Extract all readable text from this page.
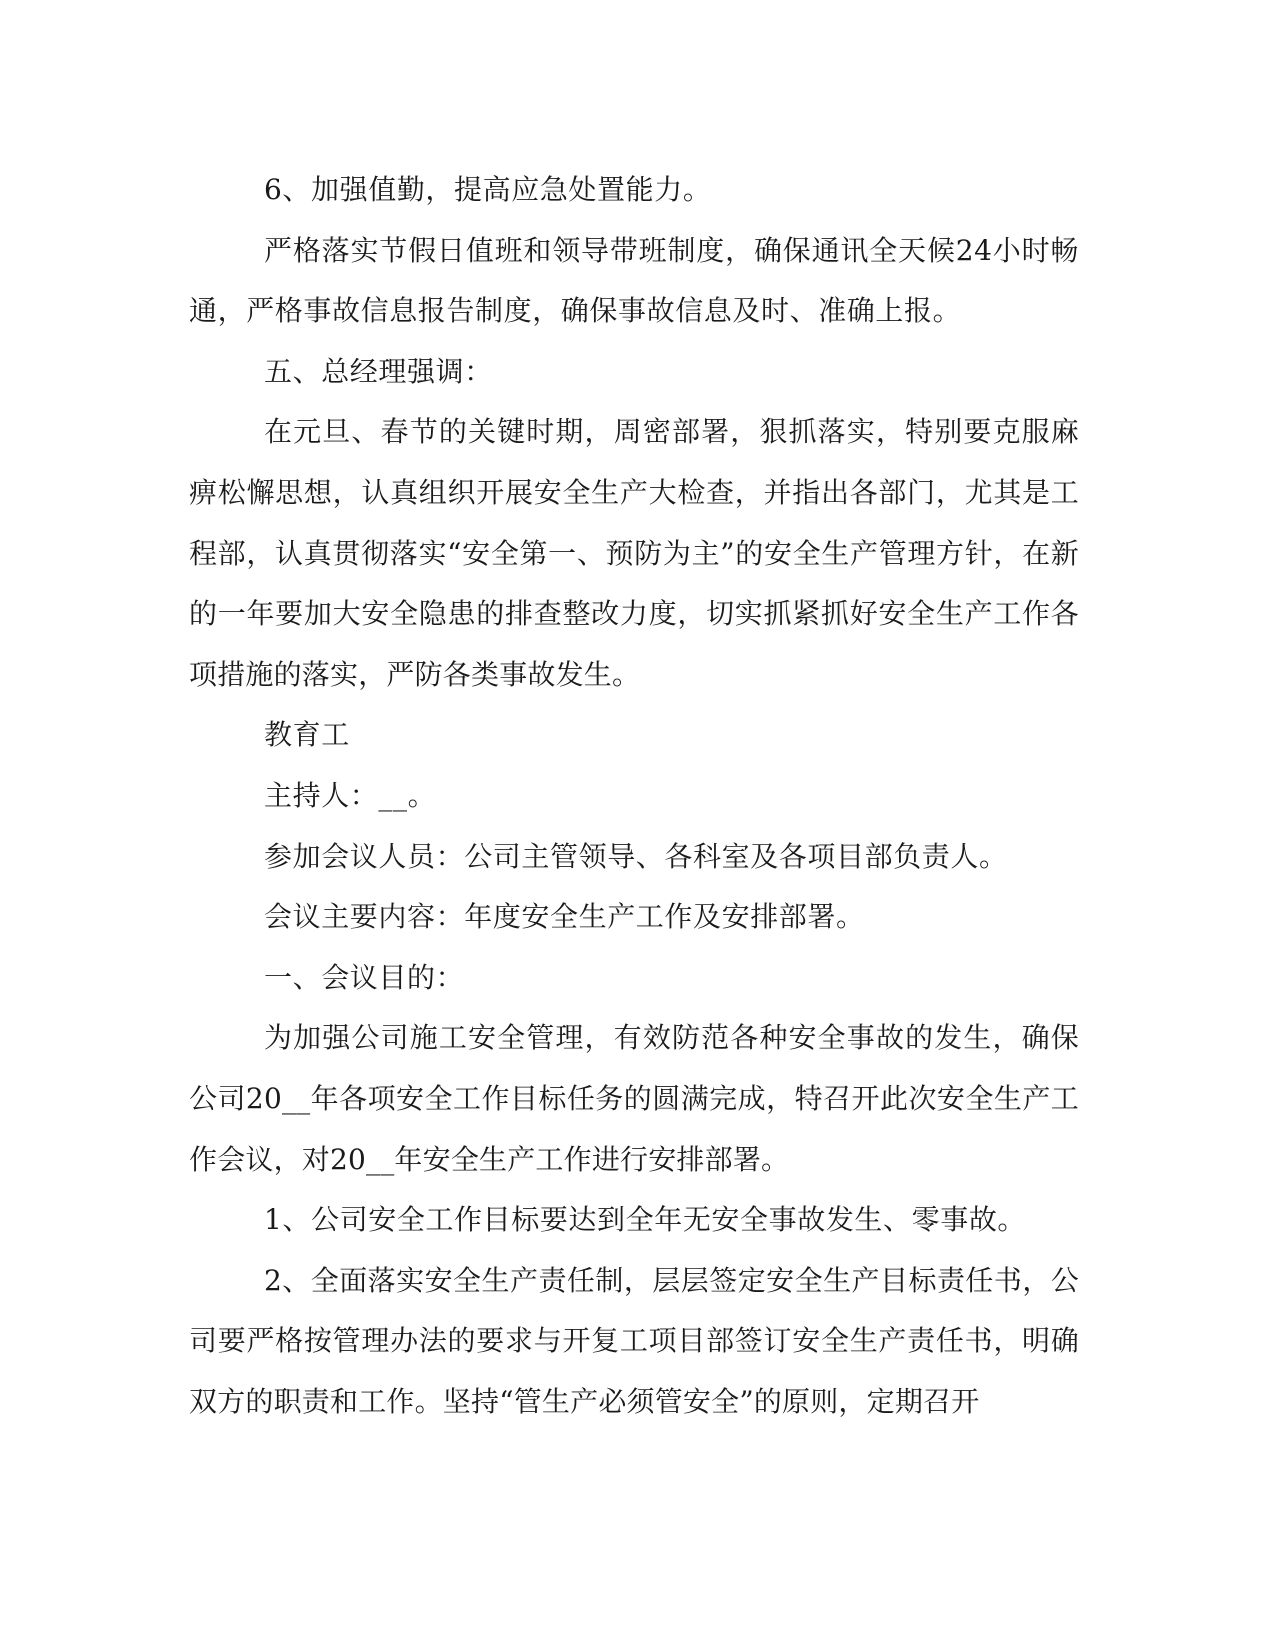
6、加强值勤，提高应急处置能力。

严格落实节假日值班和领导带班制度，确保通讯全天候24小时畅通，严格事故信息报告制度，确保事故信息及时、准确上报。

五、总经理强调：

在元旦、春节的关键时期，周密部署，狠抓落实，特别要克服麻痹松懈思想，认真组织开展安全生产大检查，并指出各部门，尤其是工程部，认真贯彻落实“安全第一、预防为主”的安全生产管理方针，在新的一年要加大安全隐患的排查整改力度，切实抓紧抓好安全生产工作各项措施的落实，严防各类事故发生。

教育工

主持人：__。

参加会议人员：公司主管领导、各科室及各项目部负责人。

会议主要内容：年度安全生产工作及安排部署。

一、会议目的：

为加强公司施工安全管理，有效防范各种安全事故的发生，确保公司20__年各项安全工作目标任务的圆满完成，特召开此次安全生产工作会议，对20__年安全生产工作进行安排部署。

1、公司安全工作目标要达到全年无安全事故发生、零事故。

2、全面落实安全生产责任制，层层签定安全生产目标责任书，公司要严格按管理办法的要求与开复工项目部签订安全生产责任书，明确双方的职责和工作。坚持“管生产必须管安全”的原则，定期召开
